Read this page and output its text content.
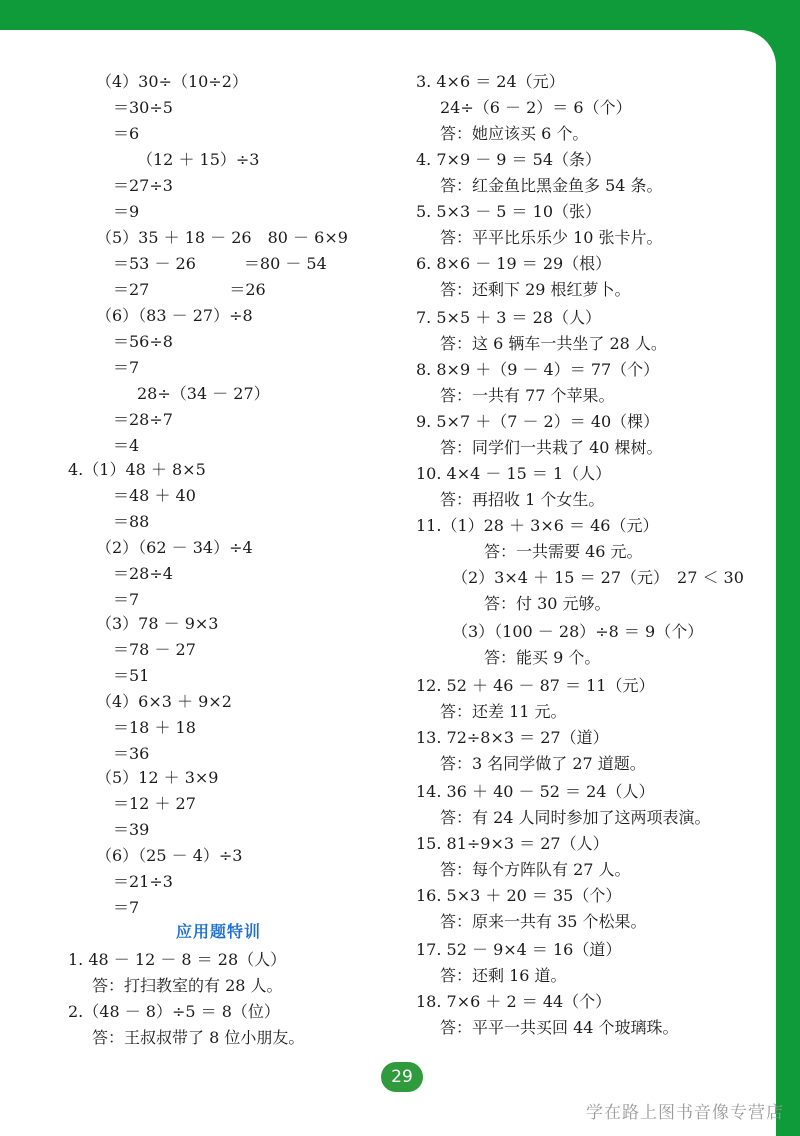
（4）30÷（10÷2）
＝30÷5
＝6
（12 ＋ 15）÷3
＝27÷3
＝9
（5）35 ＋ 18 － 26　80 － 6×9
＝53 － 26　　　＝80 － 54
＝27　　　　　＝26
（6）（83 － 27）÷8
＝56÷8
＝7
28÷（34 － 27）
＝28÷7
＝4
4.（1）48 ＋ 8×5
＝48 ＋ 40
＝88
（2）（62 － 34）÷4
＝28÷4
＝7
（3）78 － 9×3
＝78 － 27
＝51
（4）6×3 ＋ 9×2
＝18 ＋ 18
＝36
（5）12 ＋ 3×9
＝12 ＋ 27
＝39
（6）（25 － 4）÷3
＝21÷3
＝7
应用题特训
1. 48 － 12 － 8 ＝ 28（人）
答：打扫教室的有 28 人。
2.（48 － 8）÷5 ＝ 8（位）
答：王叔叔带了 8 位小朋友。
3. 4×6 ＝ 24（元）
24÷（6 － 2）＝ 6（个）
答：她应该买 6 个。
4. 7×9 － 9 ＝ 54（条）
答：红金鱼比黑金鱼多 54 条。
5. 5×3 － 5 ＝ 10（张）
答：平平比乐乐少 10 张卡片。
6. 8×6 － 19 ＝ 29（根）
答：还剩下 29 根红萝卜。
7. 5×5 ＋ 3 ＝ 28（人）
答：这 6 辆车一共坐了 28 人。
8. 8×9 ＋（9 － 4）＝ 77（个）
答：一共有 77 个苹果。
9. 5×7 ＋（7 － 2）＝ 40（棵）
答：同学们一共栽了 40 棵树。
10. 4×4 － 15 ＝ 1（人）
答：再招收 1 个女生。
11.（1）28 ＋ 3×6 ＝ 46（元）
答：一共需要 46 元。
（2）3×4 ＋ 15 ＝ 27（元）　27 ＜ 30
答：付 30 元够。
（3）（100 － 28）÷8 ＝ 9（个）
答：能买 9 个。
12. 52 ＋ 46 － 87 ＝ 11（元）
答：还差 11 元。
13. 72÷8×3 ＝ 27（道）
答：3 名同学做了 27 道题。
14. 36 ＋ 40 － 52 ＝ 24（人）
答：有 24 人同时参加了这两项表演。
15. 81÷9×3 ＝ 27（人）
答：每个方阵队有 27 人。
16. 5×3 ＋ 20 ＝ 35（个）
答：原来一共有 35 个松果。
17. 52 － 9×4 ＝ 16（道）
答：还剩 16 道。
18. 7×6 ＋ 2 ＝ 44（个）
答：平平一共买回 44 个玻璃珠。
29
学在路上图书音像专营店
